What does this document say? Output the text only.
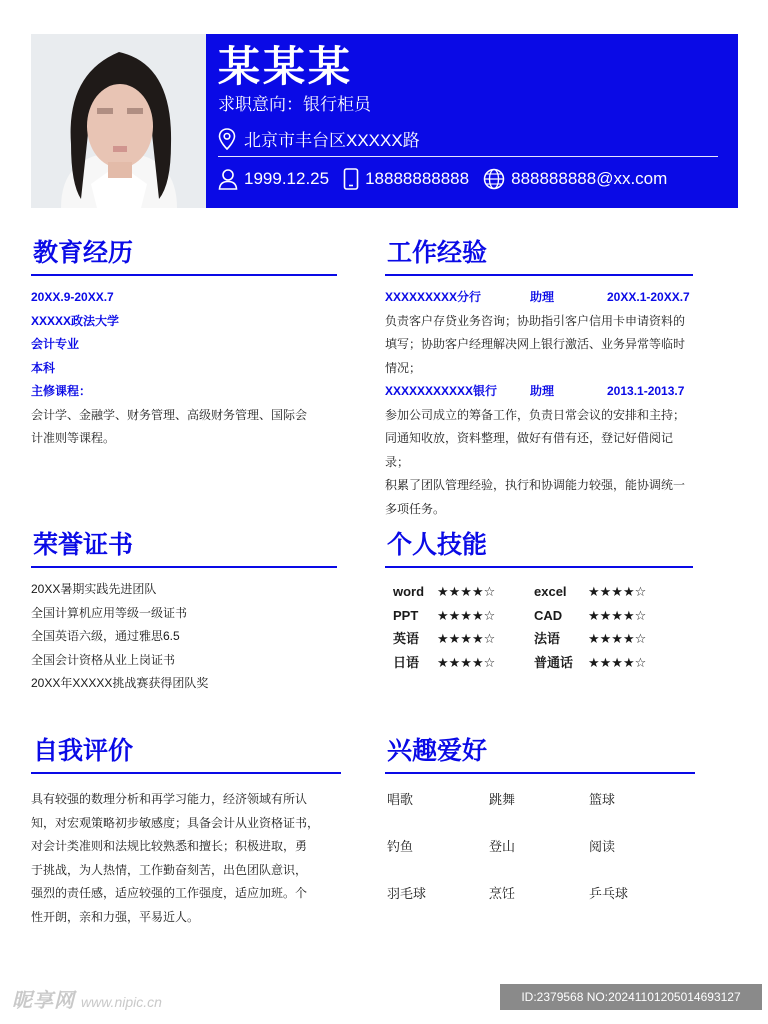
某某某
求职意向：银行柜员
北京市丰台区XXXXX路
1999.12.25 18888888888 888888888@xx.com
教育经历
20XX.9-20XX.7
XXXXX政法大学
会计专业
本科
主修课程：
会计学、金融学、财务管理、高级财务管理、国际会
计准则等课程。
工作经验
XXXXXXXXX分行	助理	20XX.1-20XX.7
负责客户存贷业务咨询；协助指引客户信用卡申请资料的
填写；协助客户经理解决网上银行激活、业务异常等临时
情况；
XXXXXXXXXXX银行	助理	2013.1-2013.7
参加公司成立的筹备工作，负责日常会议的安排和主持；
同通知收放，资料整理，做好有借有还，登记好借阅记录；
积累了团队管理经验，执行和协调能力较强，能协调统一
多项任务。
荣誉证书
20XX暑期实践先进团队
全国计算机应用等级一级证书
全国英语六级，通过雅思6.5
全国会计资格从业上岗证书
20XX年XXXXX挑战赛获得团队奖
个人技能
word ★★★★☆	excel	★★★★☆
PPT	★★★★☆	CAD	★★★★☆
英语	★★★★☆	法语	★★★★☆
日语	★★★★☆	普通话	★★★★☆
自我评价
具有较强的数理分析和再学习能力，经济领域有所认
知，对宏观策略初步敏感度；具备会计从业资格证书，
对会计类准则和法规比较熟悉和擅长；积极进取，勇
于挑战，为人热情，工作勤奋刻苦，出色团队意识，
强烈的责任感，适应较强的工作强度，适应加班。个
性开朗，亲和力强，平易近人。
兴趣爱好
唱歌	跳舞	篮球
钓鱼	登山	阅读
羽毛球	烹饪	乒乓球
昵享网 www.nipic.cn	ID:2379568 NO:20241101205014693127
